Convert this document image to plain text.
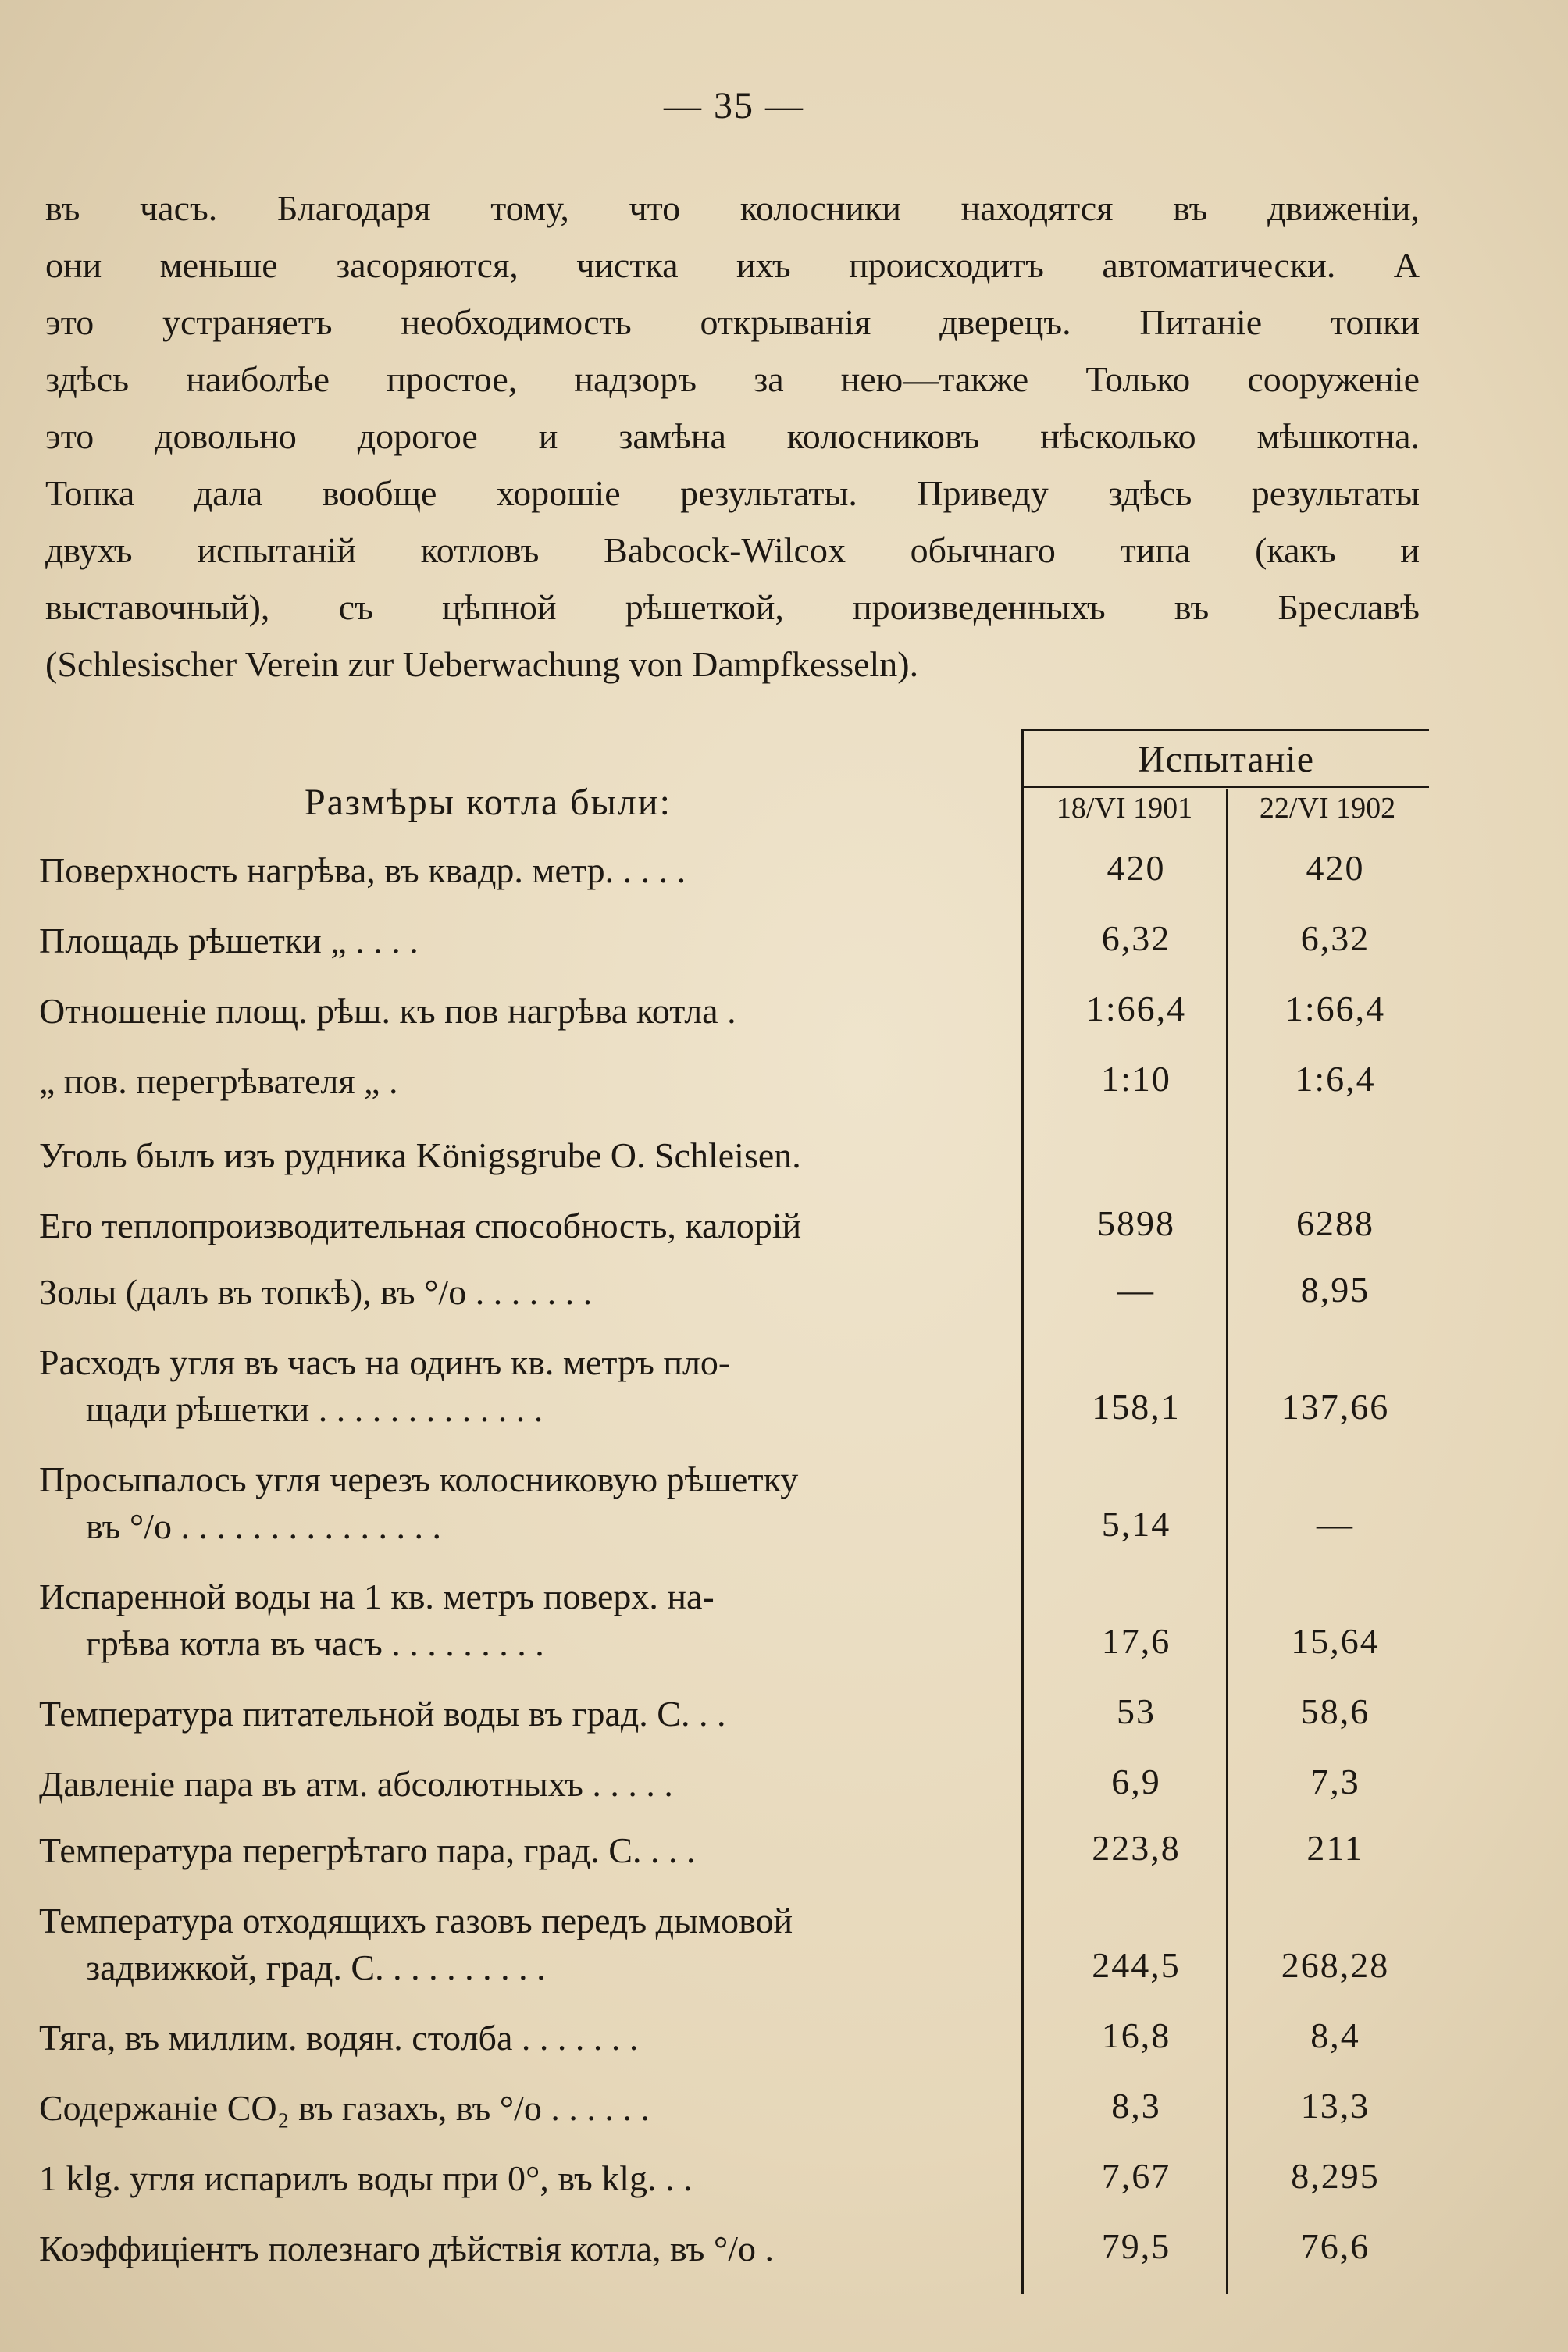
— 35 —
въ часъ. Благодаря тому, что колосники находятся въ движеніи,
они меньше засоряются, чистка ихъ происходитъ автоматически. А
это устраняетъ необходимость открыванія дверецъ. Питаніе топки
здѣсь наиболѣе простое, надзоръ за нею—также Только сооруженіе
это довольно дорогое и замѣна колосниковъ нѣсколько мѣшкотна.
Топка дала вообще хорошіе результаты. Приведу здѣсь результаты
двухъ испытаній котловъ Babcock-Wilcox обычнаго типа (какъ и
выставочный), съ цѣпной рѣшеткой, произведенныхъ въ Бреславѣ
(Schlesischer Verein zur Ueberwachung von Dampfkesseln).
Размѣры котла были:
Испытаніе
18/VI 1901	22/VI 1902
Поверхность нагрѣва, въ квадр. метр. . . . .	420	420
Площадь рѣшетки „ . . . .	6,32	6,32
Отношеніе площ. рѣш. къ пов нагрѣва котла .	1:66,4	1:66,4
„ пов. перегрѣвателя „ .	1:10	1:6,4
Уголь былъ изъ рудника Königsgrube O. Schleisen.
Его теплопроизводительная способность, калорій	5898	6288
Золы (далъ въ топкѣ), въ °/o . . . . . . .	—	8,95
Расходъ угля въ часъ на одинъ кв. метръ пло-
щади рѣшетки . . . . . . . . . . . . .	158,1	137,66
Просыпалось угля черезъ колосниковую рѣшетку
въ °/o . . . . . . . . . . . . . . .	5,14	—
Испаренной воды на 1 кв. метръ поверх. на-
грѣва котла въ часъ . . . . . . . . .	17,6	15,64
Температура питательной воды въ град. С. . .	53	58,6
Давленіе пара въ атм. абсолютныхъ . . . . .	6,9	7,3
Температура перегрѣтаго пара, град. С. . . .	223,8	211
Температура отходящихъ газовъ передъ дымовой
задвижкой, град. С. . . . . . . . . .	244,5	268,28
Тяга, въ миллим. водян. столба . . . . . . .	16,8	8,4
Содержаніе CO₂ въ газахъ, въ °/o . . . . . .	8,3	13,3
1 klg. угля испарилъ воды при 0°, въ klg. . .	7,67	8,295
Коэффиціентъ полезнаго дѣйствія котла, въ °/o .	79,5	76,6
